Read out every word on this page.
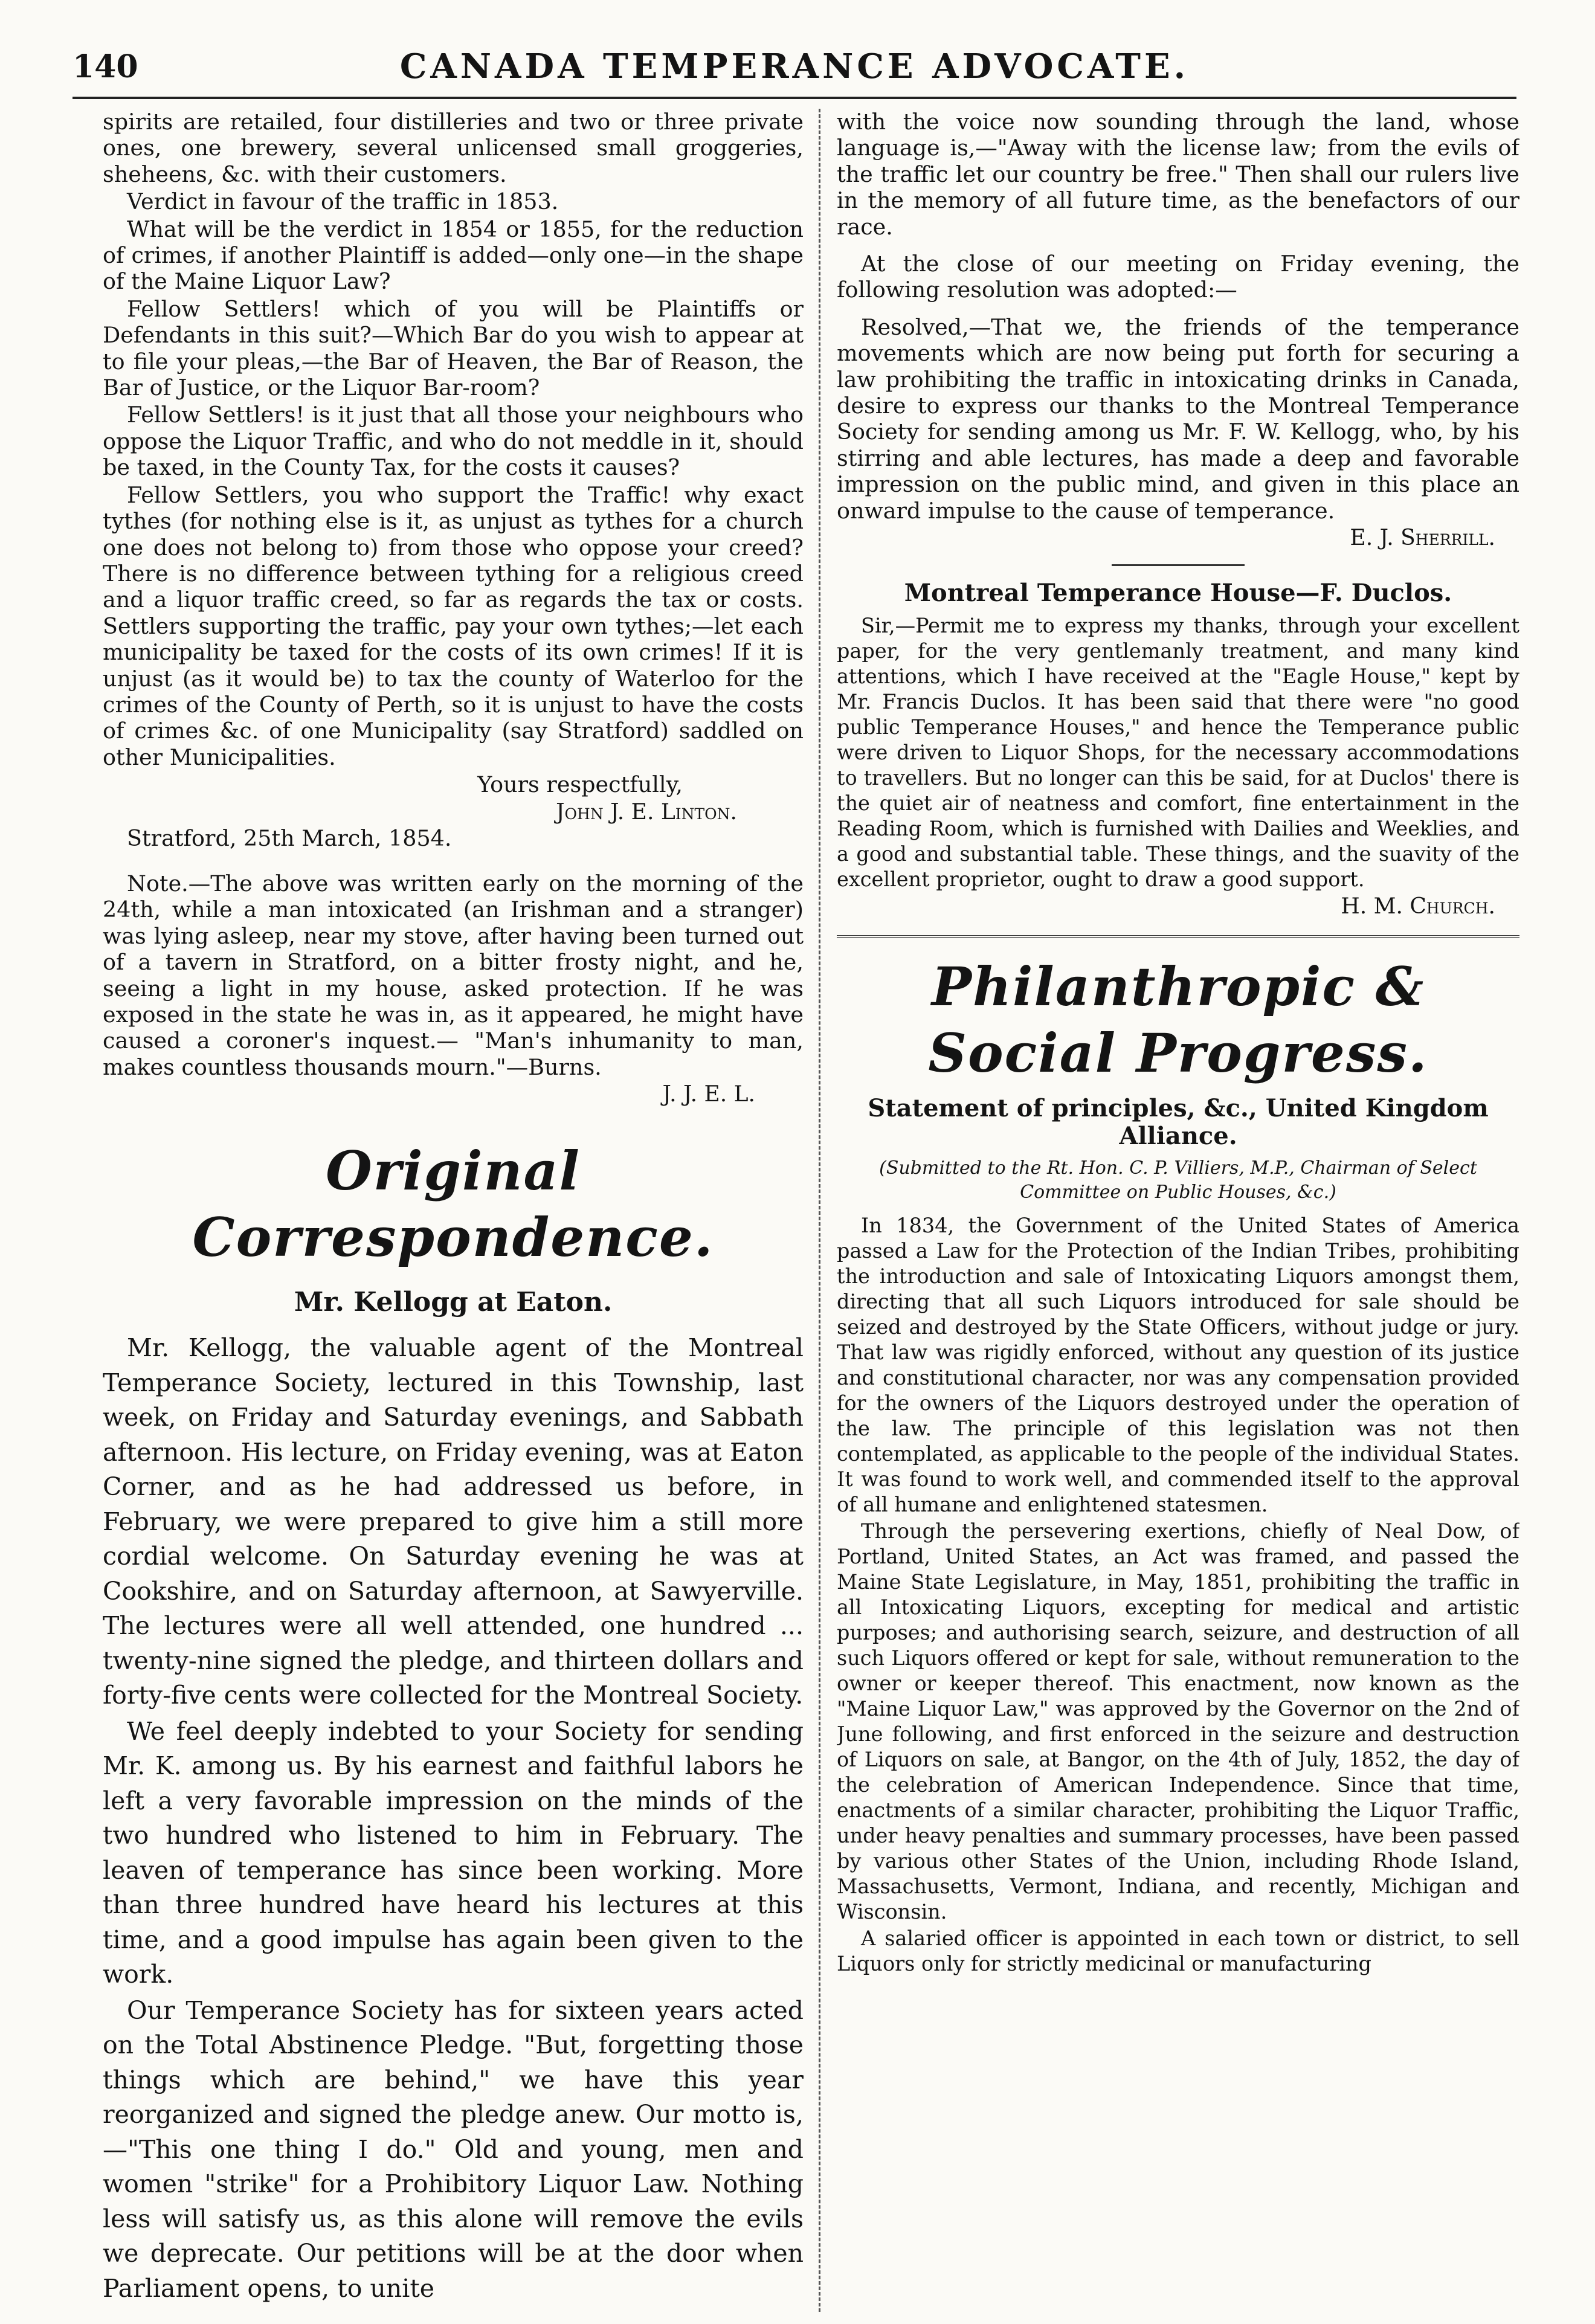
140	CANADA TEMPERANCE ADVOCATE.

spirits are retailed, four distilleries and two or three private ones, one brewery, several unlicensed small groggeries, sheheens, &c. with their customers.

Verdict in favour of the traffic in 1853.

What will be the verdict in 1854 or 1855, for the reduction of crimes, if another Plaintiff is added—only one—in the shape of the Maine Liquor Law?

Fellow Settlers! which of you will be Plaintiffs or Defendants in this suit?—Which Bar do you wish to appear at to file your pleas,—the Bar of Heaven, the Bar of Reason, the Bar of Justice, or the Liquor Bar-room?

Fellow Settlers! is it just that all those your neighbours who oppose the Liquor Traffic, and who do not meddle in it, should be taxed, in the County Tax, for the costs it causes?

Fellow Settlers, you who support the Traffic! why exact tythes (for nothing else is it, as unjust as tythes for a church one does not belong to) from those who oppose your creed? There is no difference between tything for a religious creed and a liquor traffic creed, so far as regards the tax or costs. Settlers supporting the traffic, pay your own tythes;—let each municipality be taxed for the costs of its own crimes! If it is unjust (as it would be) to tax the county of Waterloo for the crimes of the County of Perth, so it is unjust to have the costs of crimes &c. of one Municipality (say Stratford) saddled on other Municipalities.

Yours respectfully,

John J. E. Linton.

Stratford, 25th March, 1854.

Note.—The above was written early on the morning of the 24th, while a man intoxicated (an Irishman and a stranger) was lying asleep, near my stove, after having been turned out of a tavern in Stratford, on a bitter frosty night, and he, seeing a light in my house, asked protection. If he was exposed in the state he was in, as it appeared, he might have caused a coroner's inquest.— "Man's inhumanity to man, makes countless thousands mourn."—Burns.

J. J. E. L.

Original Correspondence.
Mr. Kellogg at Eaton.

Mr. Kellogg, the valuable agent of the Montreal Temperance Society, lectured in this Township, last week, on Friday and Saturday evenings, and Sabbath afternoon. His lecture, on Friday evening, was at Eaton Corner, and as he had addressed us before, in February, we were prepared to give him a still more cordial welcome. On Saturday evening he was at Cookshire, and on Saturday afternoon, at Sawyerville. The lectures were all well attended, one hundred ... twenty-nine signed the pledge, and thirteen dollars and forty-five cents were collected for the Montreal Society.

We feel deeply indebted to your Society for sending Mr. K. among us. By his earnest and faithful labors he left a very favorable impression on the minds of the two hundred who listened to him in February. The leaven of temperance has since been working. More than three hundred have heard his lectures at this time, and a good impulse has again been given to the work.

Our Temperance Society has for sixteen years acted on the Total Abstinence Pledge. "But, forgetting those things which are behind," we have this year reorganized and signed the pledge anew. Our motto is,—"This one thing I do." Old and young, men and women "strike" for a Prohibitory Liquor Law. Nothing less will satisfy us, as this alone will remove the evils we deprecate. Our petitions will be at the door when Parliament opens, to unite

with the voice now sounding through the land, whose language is,—"Away with the license law; from the evils of the traffic let our country be free." Then shall our rulers live in the memory of all future time, as the benefactors of our race.

At the close of our meeting on Friday evening, the following resolution was adopted:—

Resolved,—That we, the friends of the temperance movements which are now being put forth for securing a law prohibiting the traffic in intoxicating drinks in Canada, desire to express our thanks to the Montreal Temperance Society for sending among us Mr. F. W. Kellogg, who, by his stirring and able lectures, has made a deep and favorable impression on the public mind, and given in this place an onward impulse to the cause of temperance.

E. J. Sherrill.

Montreal Temperance House—F. Duclos.

Sir,—Permit me to express my thanks, through your excellent paper, for the very gentlemanly treatment, and many kind attentions, which I have received at the "Eagle House," kept by Mr. Francis Duclos. It has been said that there were "no good public Temperance Houses," and hence the Temperance public were driven to Liquor Shops, for the necessary accommodations to travellers. But no longer can this be said, for at Duclos' there is the quiet air of neatness and comfort, fine entertainment in the Reading Room, which is furnished with Dailies and Weeklies, and a good and substantial table. These things, and the suavity of the excellent proprietor, ought to draw a good support.

H. M. Church.

Philanthropic & Social Progress.
Statement of principles, &c., United Kingdom Alliance.
(Submitted to the Rt. Hon. C. P. Villiers, M.P., Chairman of Select Committee on Public Houses, &c.)

In 1834, the Government of the United States of America passed a Law for the Protection of the Indian Tribes, prohibiting the introduction and sale of Intoxicating Liquors amongst them, directing that all such Liquors introduced for sale should be seized and destroyed by the State Officers, without judge or jury. That law was rigidly enforced, without any question of its justice and constitutional character, nor was any compensation provided for the owners of the Liquors destroyed under the operation of the law. The principle of this legislation was not then contemplated, as applicable to the people of the individual States. It was found to work well, and commended itself to the approval of all humane and enlightened statesmen.

Through the persevering exertions, chiefly of Neal Dow, of Portland, United States, an Act was framed, and passed the Maine State Legislature, in May, 1851, prohibiting the traffic in all Intoxicating Liquors, excepting for medical and artistic purposes; and authorising search, seizure, and destruction of all such Liquors offered or kept for sale, without remuneration to the owner or keeper thereof. This enactment, now known as the "Maine Liquor Law," was approved by the Governor on the 2nd of June following, and first enforced in the seizure and destruction of Liquors on sale, at Bangor, on the 4th of July, 1852, the day of the celebration of American Independence. Since that time, enactments of a similar character, prohibiting the Liquor Traffic, under heavy penalties and summary processes, have been passed by various other States of the Union, including Rhode Island, Massachusetts, Vermont, Indiana, and recently, Michigan and Wisconsin.

A salaried officer is appointed in each town or district, to sell Liquors only for strictly medicinal or manufacturing
